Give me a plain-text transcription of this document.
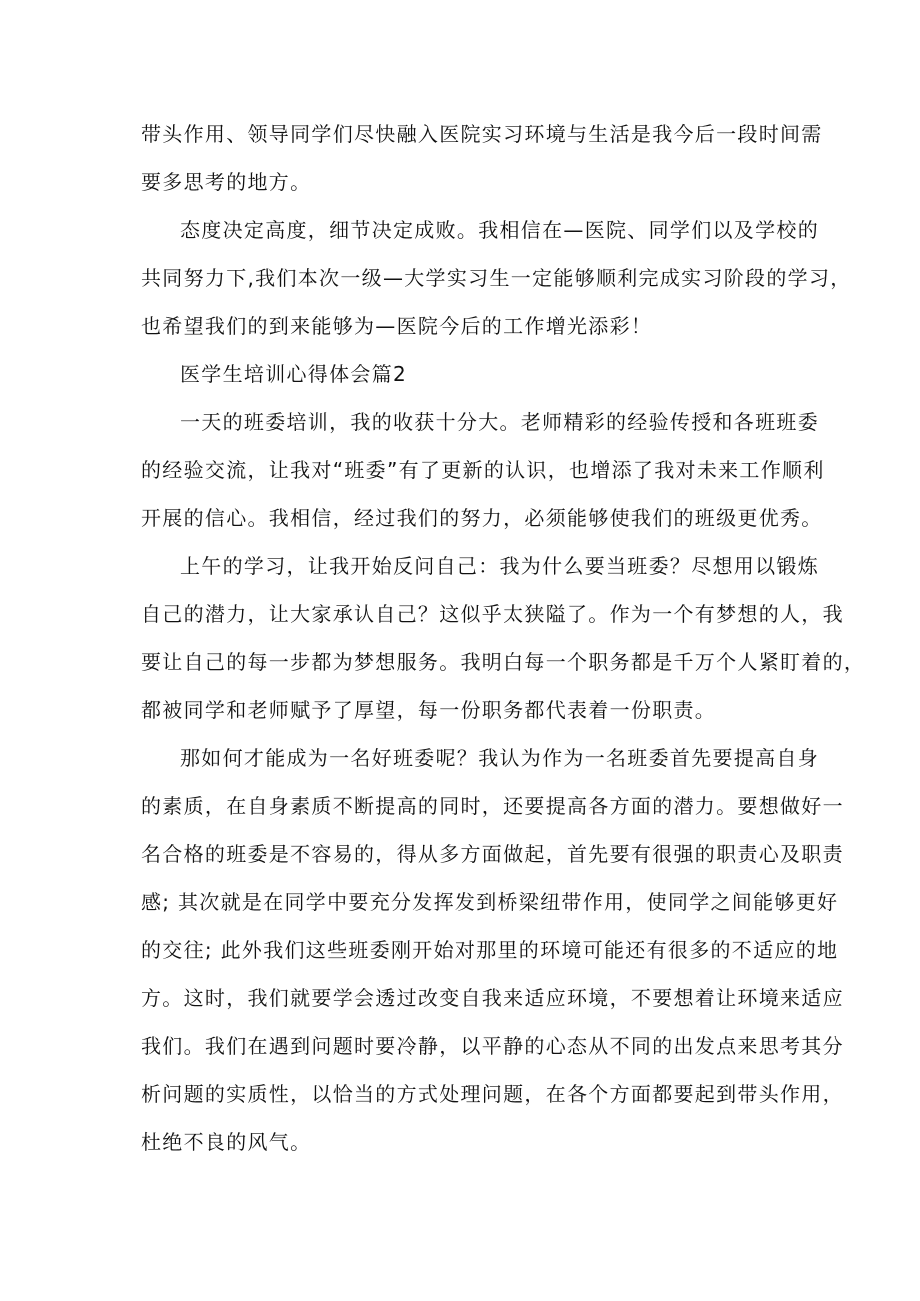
带头作用、领导同学们尽快融入医院实习环境与生活是我今后一段时间需
要多思考的地方。
态度决定高度，细节决定成败。我相信在—医院、同学们以及学校的
共同努力下,我们本次一级—大学实习生一定能够顺利完成实习阶段的学习，
也希望我们的到来能够为—医院今后的工作增光添彩！
医学生培训心得体会篇2
一天的班委培训，我的收获十分大。老师精彩的经验传授和各班班委
的经验交流，让我对“班委”有了更新的认识，也增添了我对未来工作顺利
开展的信心。我相信，经过我们的努力，必须能够使我们的班级更优秀。
上午的学习，让我开始反问自己：我为什么要当班委？尽想用以锻炼
自己的潜力，让大家承认自己？这似乎太狭隘了。作为一个有梦想的人，我
要让自己的每一步都为梦想服务。我明白每一个职务都是千万个人紧盯着的，
都被同学和老师赋予了厚望，每一份职务都代表着一份职责。
那如何才能成为一名好班委呢？我认为作为一名班委首先要提高自身
的素质，在自身素质不断提高的同时，还要提高各方面的潜力。要想做好一
名合格的班委是不容易的，得从多方面做起，首先要有很强的职责心及职责
感; 其次就是在同学中要充分发挥发到桥梁纽带作用，使同学之间能够更好
的交往; 此外我们这些班委刚开始对那里的环境可能还有很多的不适应的地
方。这时，我们就要学会透过改变自我来适应环境，不要想着让环境来适应
我们。我们在遇到问题时要冷静，以平静的心态从不同的出发点来思考其分
析问题的实质性，以恰当的方式处理问题，在各个方面都要起到带头作用，
杜绝不良的风气。
